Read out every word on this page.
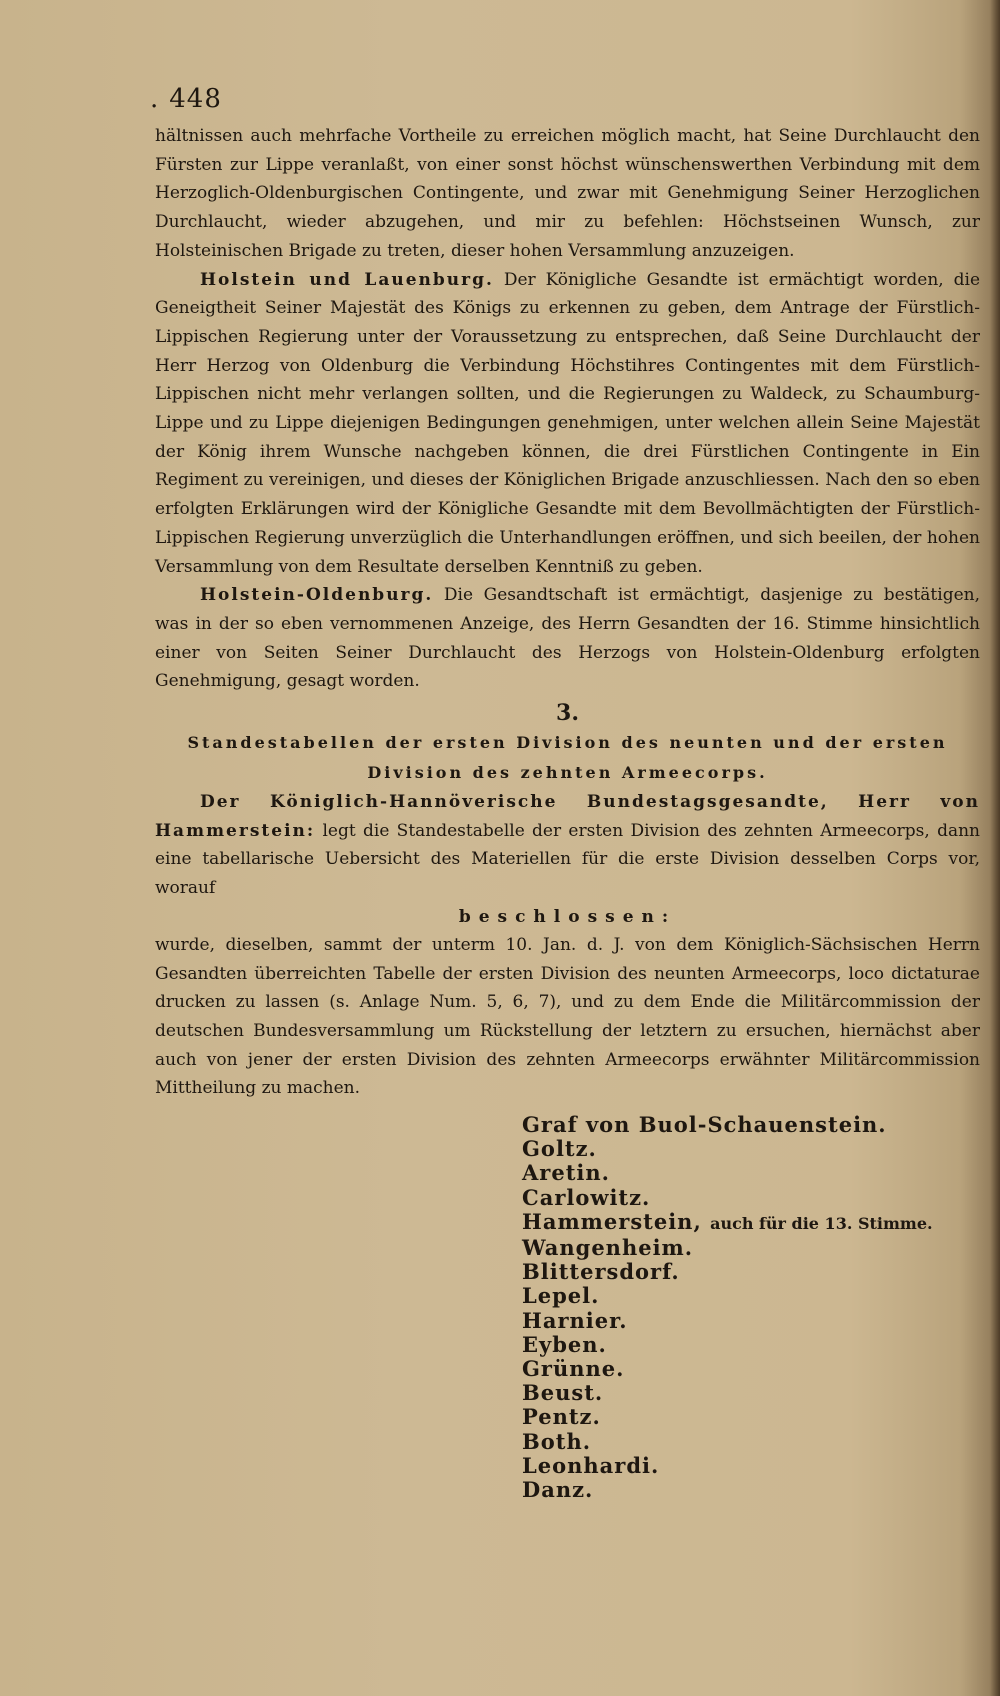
. 448

hältnissen auch mehrfache Vortheile zu erreichen möglich macht, hat Seine Durchlaucht den Fürsten zur Lippe veranlaßt, von einer sonst höchst wünschenswerthen Verbindung mit dem Herzoglich-Oldenburgischen Contingente, und zwar mit Genehmigung Seiner Herzoglichen Durchlaucht, wieder abzugehen, und mir zu befehlen: Höchstseinen Wunsch, zur Holsteinischen Brigade zu treten, dieser hohen Versammlung anzuzeigen.

Holstein und Lauenburg. Der Königliche Gesandte ist ermächtigt worden, die Geneigtheit Seiner Majestät des Königs zu erkennen zu geben, dem Antrage der Fürstlich-Lippischen Regierung unter der Voraussetzung zu entsprechen, daß Seine Durchlaucht der Herr Herzog von Oldenburg die Verbindung Höchstihres Contingentes mit dem Fürstlich-Lippischen nicht mehr verlangen sollten, und die Regierungen zu Waldeck, zu Schaumburg-Lippe und zu Lippe diejenigen Bedingungen genehmigen, unter welchen allein Seine Majestät der König ihrem Wunsche nachgeben können, die drei Fürstlichen Contingente in Ein Regiment zu vereinigen, und dieses der Königlichen Brigade anzuschliessen. Nach den so eben erfolgten Erklärungen wird der Königliche Gesandte mit dem Bevollmächtigten der Fürstlich-Lippischen Regierung unverzüglich die Unterhandlungen eröffnen, und sich beeilen, der hohen Versammlung von dem Resultate derselben Kenntniß zu geben.

Holstein-Oldenburg. Die Gesandtschaft ist ermächtigt, dasjenige zu bestätigen, was in der so eben vernommenen Anzeige, des Herrn Gesandten der 16. Stimme hinsichtlich einer von Seiten Seiner Durchlaucht des Herzogs von Holstein-Oldenburg erfolgten Genehmigung, gesagt worden.

3.
Standestabellen der ersten Division des neunten und der ersten
Division des zehnten Armeecorps.

Der Königlich-Hannöverische Bundestagsgesandte, Herr von Hammerstein: legt die Standestabelle der ersten Division des zehnten Armeecorps, dann eine tabellarische Uebersicht des Materiellen für die erste Division desselben Corps vor, worauf

beschlossen:

wurde, dieselben, sammt der unterm 10. Jan. d. J. von dem Königlich-Sächsischen Herrn Gesandten überreichten Tabelle der ersten Division des neunten Armeecorps, loco dictaturae drucken zu lassen (s. Anlage Num. 5, 6, 7), und zu dem Ende die Militärcommission der deutschen Bundesversammlung um Rückstellung der letztern zu ersuchen, hiernächst aber auch von jener der ersten Division des zehnten Armeecorps erwähnter Militärcommission Mittheilung zu machen.

Graf von Buol-Schauenstein.
Goltz.
Aretin.
Carlowitz.
Hammerstein, auch für die 13. Stimme.
Wangenheim.
Blittersdorf.
Lepel.
Harnier.
Eyben.
Grünne.
Beust.
Pentz.
Both.
Leonhardi.
Danz.
